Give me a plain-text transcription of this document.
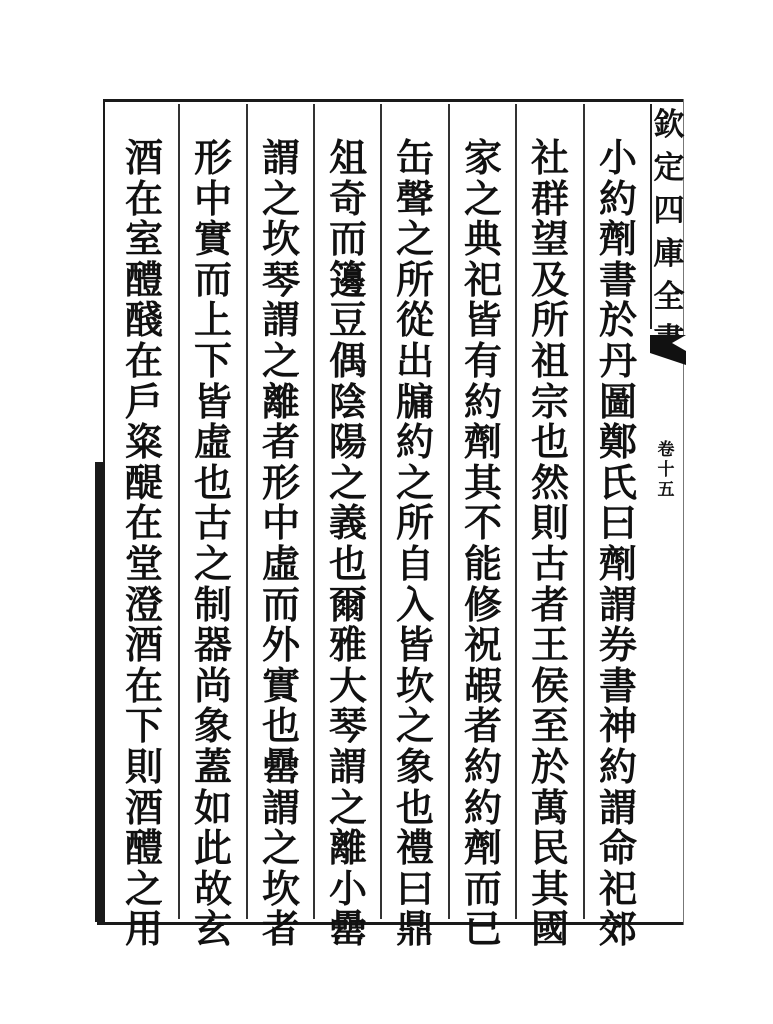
欽
定
四
庫
全
卷
十
五
小
約
劑
書
於
丹
圖
鄭
氏
曰
劑
謂
券
書
神
約
謂
命
祀
郊
社
群
望
及
所
祖
宗
也
然
則
古
者
王
侯
至
於
萬
民
其
國
家
之
典
祀
皆
有
約
劑
其
不
能
修
祝
嘏
者
約
約
劑
而
已
缶
聲
之
所
從
出
牖
約
之
所
自
入
皆
坎
之
象
也
禮
曰
鼎
俎
奇
而
籩
豆
偶
陰
陽
之
義
也
爾
雅
大
琴
謂
之
離
小
罍
謂
之
坎
琴
謂
之
離
者
形
中
虛
而
外
實
也
罍
謂
之
坎
者
形
中
實
而
上
下
皆
虛
也
古
之
制
器
尚
象
蓋
如
此
故
玄
酒
在
室
醴
醆
在
戶
粢
醍
在
堂
澄
酒
在
下
則
酒
醴
之
用
